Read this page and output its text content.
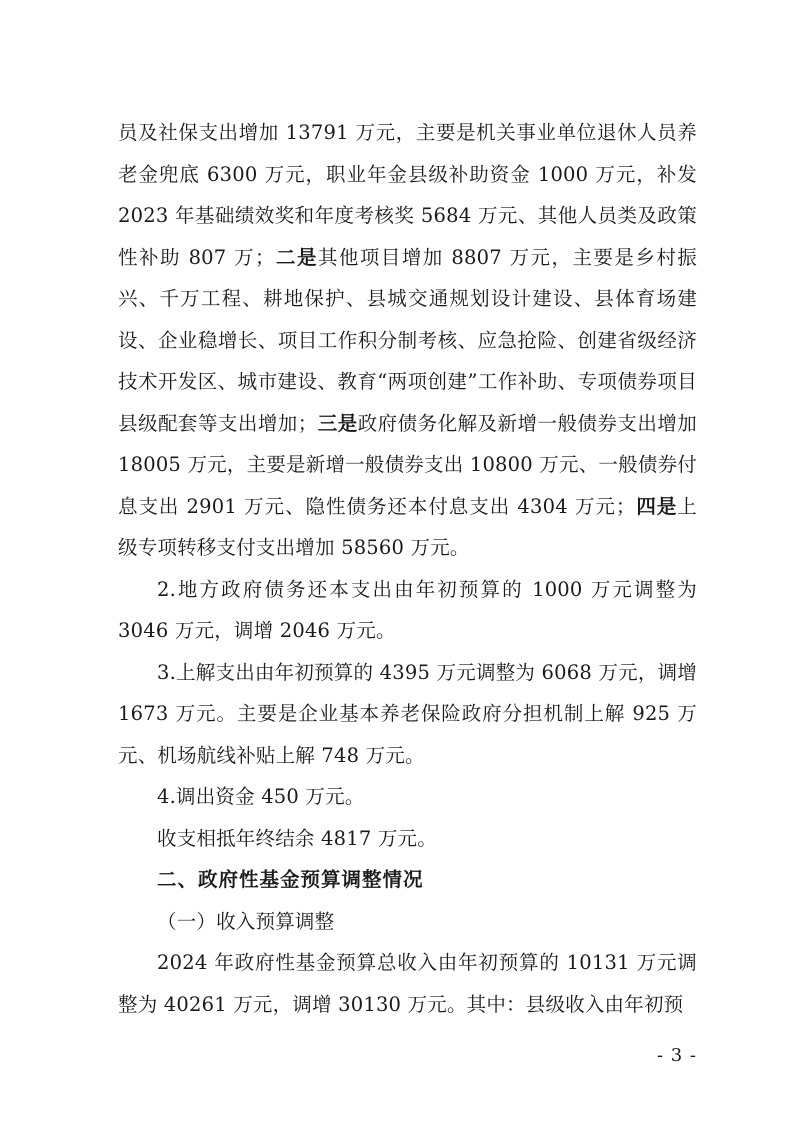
员及社保支出增加 13791 万元，主要是机关事业单位退休人员养老金兜底 6300 万元，职业年金县级补助资金 1000 万元，补发 2023 年基础绩效奖和年度考核奖 5684 万元、其他人员类及政策性补助 807 万；二是其他项目增加 8807 万元，主要是乡村振兴、千万工程、耕地保护、县城交通规划设计建设、县体育场建设、企业稳增长、项目工作积分制考核、应急抢险、创建省级经济技术开发区、城市建设、教育“两项创建”工作补助、专项债券项目县级配套等支出增加；三是政府债务化解及新增一般债券支出增加 18005 万元，主要是新增一般债券支出 10800 万元、一般债券付息支出 2901 万元、隐性债务还本付息支出 4304 万元；四是上级专项转移支付支出增加 58560 万元。

2.地方政府债务还本支出由年初预算的 1000 万元调整为 3046 万元，调增 2046 万元。

3.上解支出由年初预算的 4395 万元调整为 6068 万元，调增 1673 万元。主要是企业基本养老保险政府分担机制上解 925 万元、机场航线补贴上解 748 万元。

4.调出资金 450 万元。

收支相抵年终结余 4817 万元。

二、政府性基金预算调整情况

（一）收入预算调整

2024 年政府性基金预算总收入由年初预算的 10131 万元调整为 40261 万元，调增 30130 万元。其中：县级收入由年初预

- 3 -
